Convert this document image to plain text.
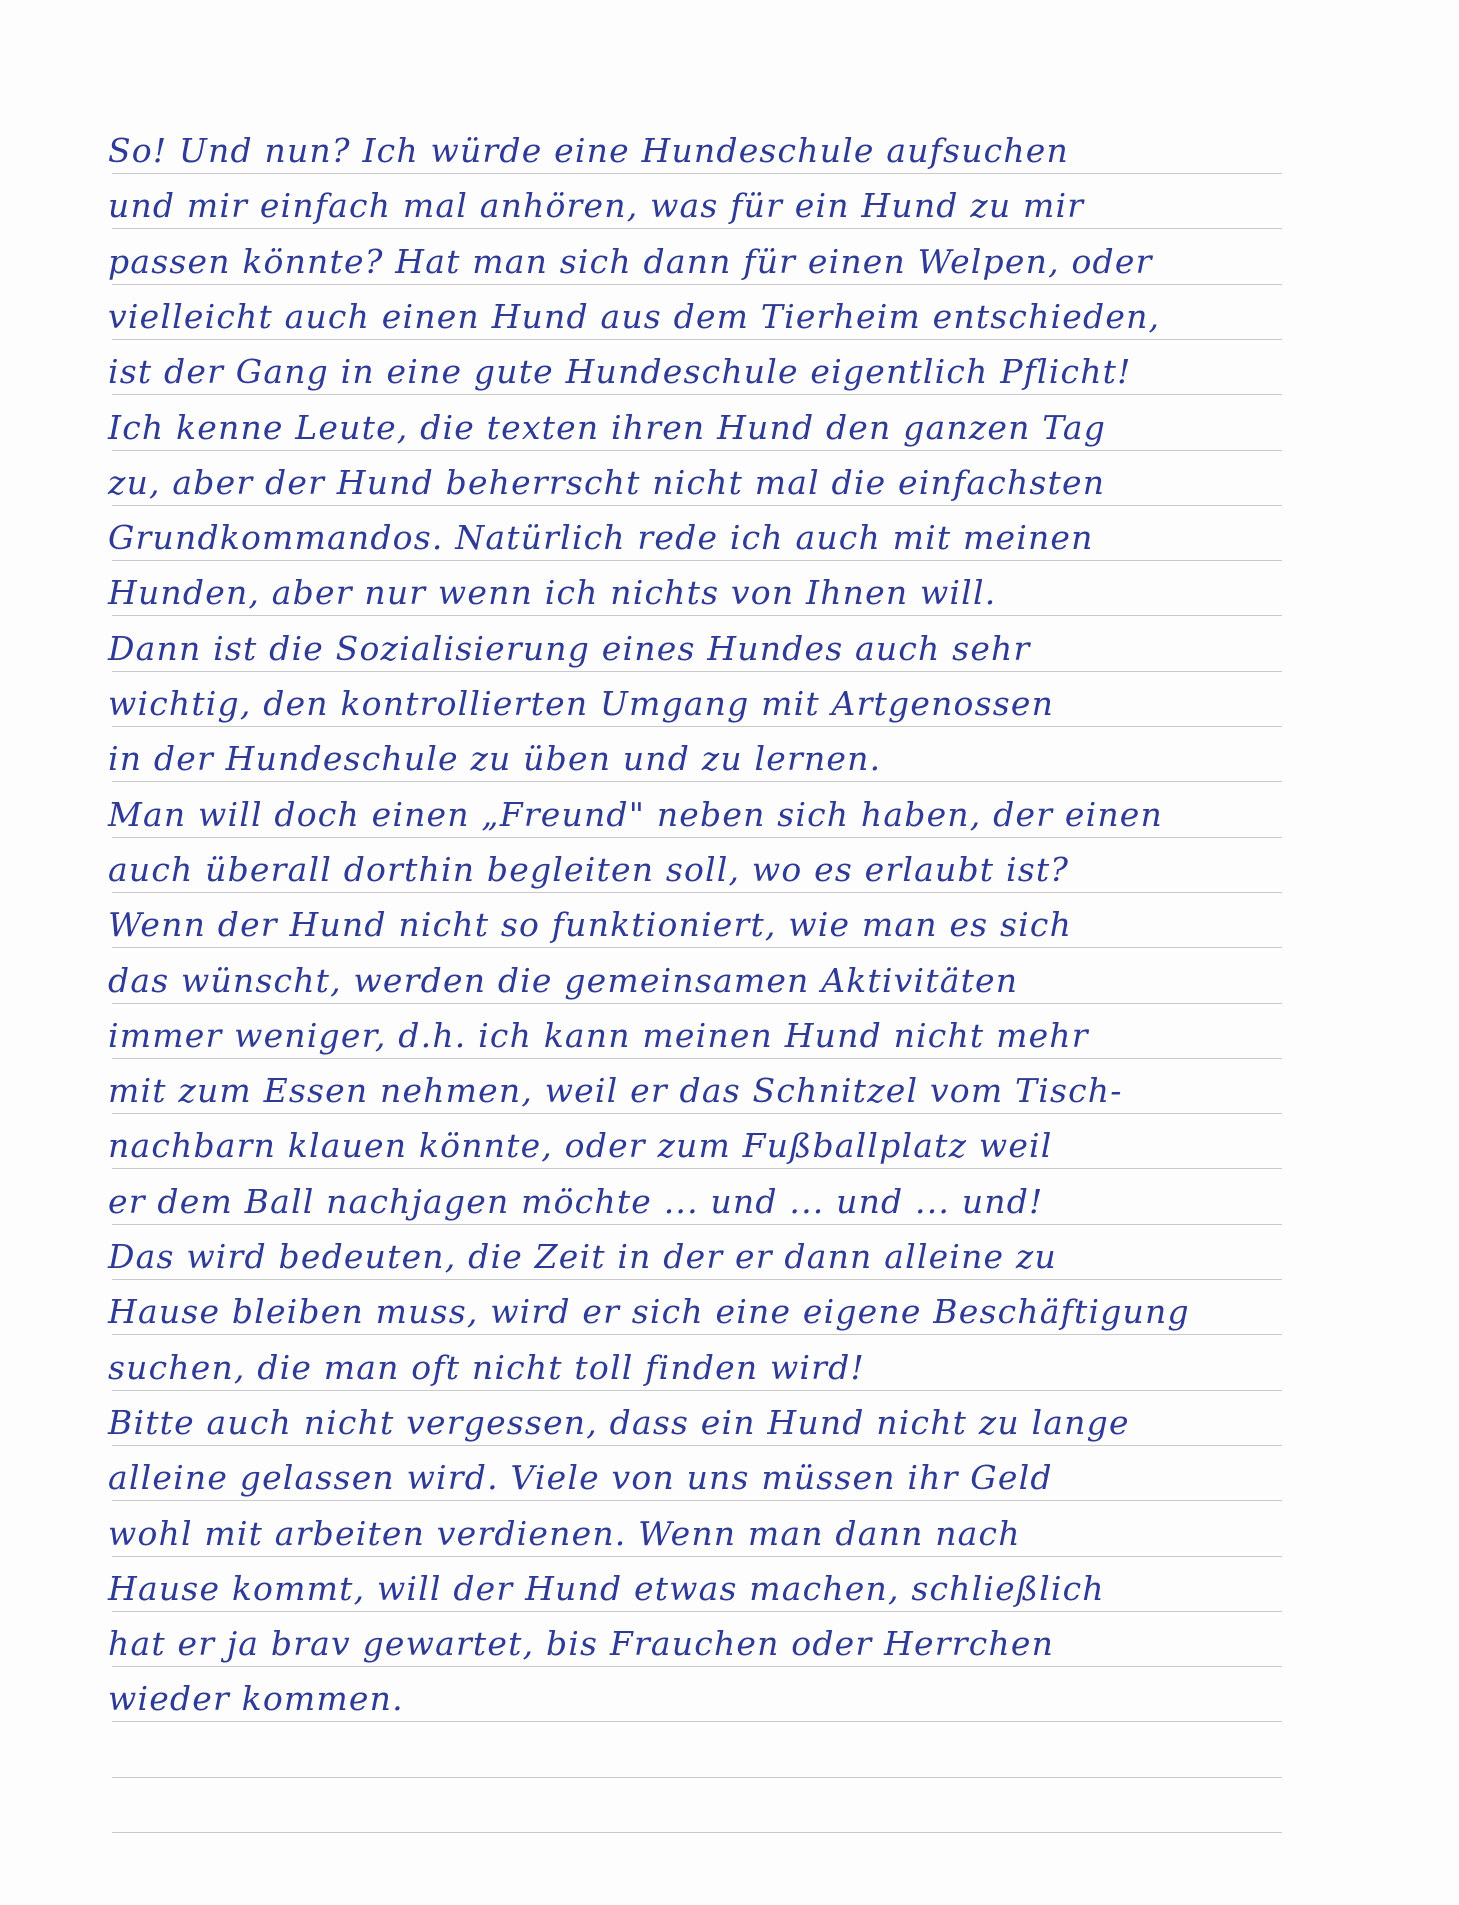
So! Und nun? Ich würde eine Hundeschule aufsuchen
und mir einfach mal anhören, was für ein Hund zu mir
passen könnte? Hat man sich dann für einen Welpen, oder
vielleicht auch einen Hund aus dem Tierheim entschieden,
ist der Gang in eine gute Hundeschule eigentlich Pflicht!
Ich kenne Leute, die texten ihren Hund den ganzen Tag
zu, aber der Hund beherrscht nicht mal die einfachsten
Grundkommandos. Natürlich rede ich auch mit meinen
Hunden, aber nur wenn ich nichts von Ihnen will.
Dann ist die Sozialisierung eines Hundes auch sehr
wichtig, den kontrollierten Umgang mit Artgenossen
in der Hundeschule zu üben und zu lernen.
Man will doch einen „Freund" neben sich haben, der einen
auch überall dorthin begleiten soll, wo es erlaubt ist?
Wenn der Hund nicht so funktioniert, wie man es sich
das wünscht, werden die gemeinsamen Aktivitäten
immer weniger, d.h. ich kann meinen Hund nicht mehr
mit zum Essen nehmen, weil er das Schnitzel vom Tisch-
nachbarn klauen könnte, oder zum Fußballplatz weil
er dem Ball nachjagen möchte ... und ... und ... und!
Das wird bedeuten, die Zeit in der er dann alleine zu
Hause bleiben muss, wird er sich eine eigene Beschäftigung
suchen, die man oft nicht toll finden wird!
Bitte auch nicht vergessen, dass ein Hund nicht zu lange
alleine gelassen wird. Viele von uns müssen ihr Geld
wohl mit arbeiten verdienen. Wenn man dann nach
Hause kommt, will der Hund etwas machen, schließlich
hat er ja brav gewartet, bis Frauchen oder Herrchen
wieder kommen.
